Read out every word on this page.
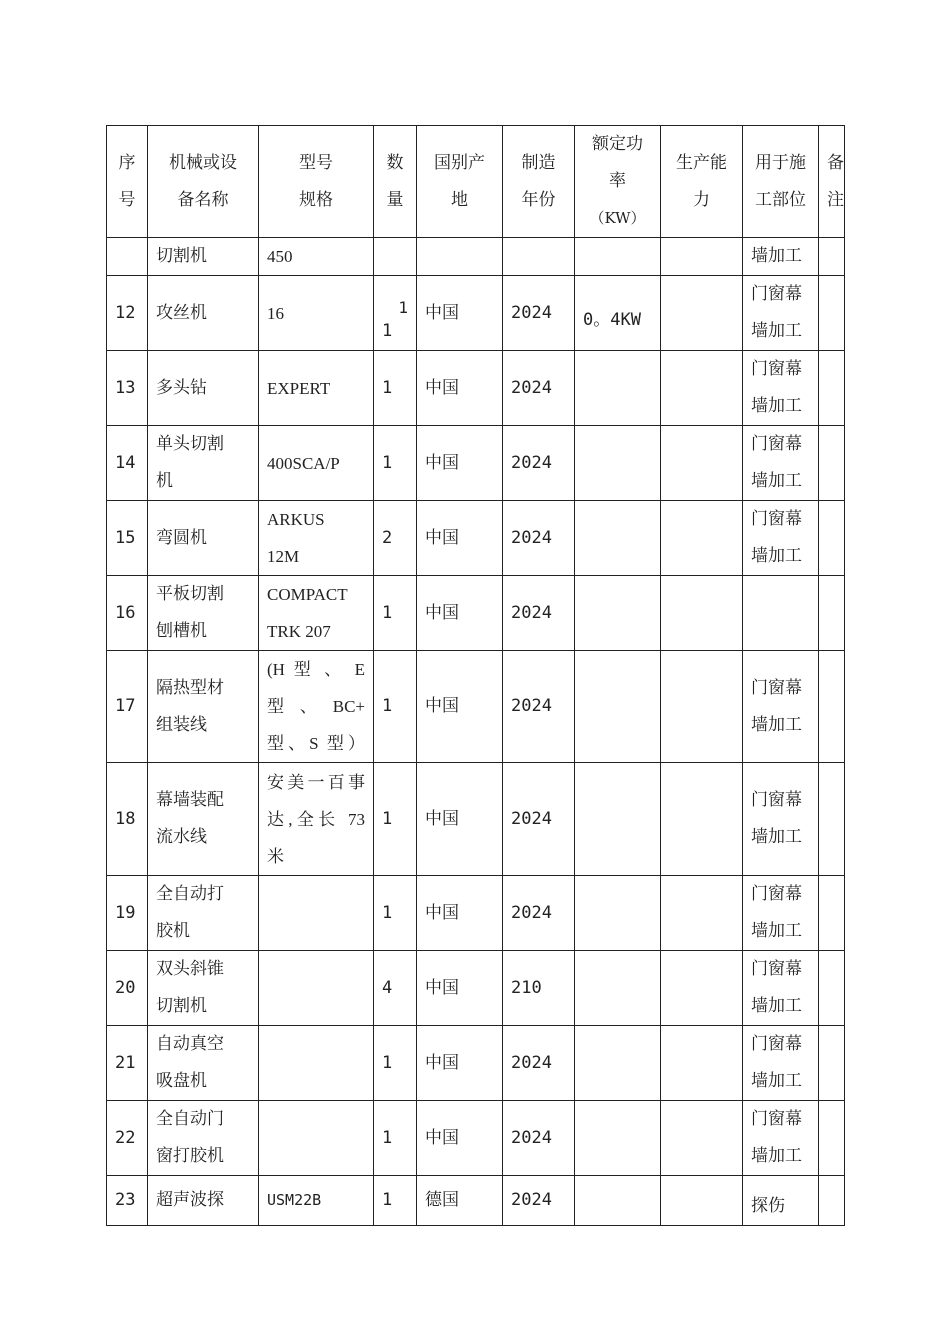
序
号	机械或设
备名称	型号
规格	数
量	国别产
地	制造
年份	额定功
率
（KW）	生产能
力	用于施
工部位	备
注
	切割机	450						墙加工	
12	攻丝机	16	1
1	中国	2024	0。4KW		门窗幕
墙加工	
13	多头钻	EXPERT	1	中国	2024			门窗幕
墙加工	
14	单头切割
机	400SCA/P	1	中国	2024			门窗幕
墙加工	
15	弯圆机	ARKUS
12M	2	中国	2024			门窗幕
墙加工	
16	平板切割
刨槽机	COMPACT
TRK 207	1	中国	2024				
17	隔热型材
组装线	(H 型 、 E
型 、 BC+
型、S 型）	1	中国	2024			门窗幕
墙加工	
18	幕墙装配
流水线	安美一百事
达,全长 73
米	1	中国	2024			门窗幕
墙加工	
19	全自动打
胶机		1	中国	2024			门窗幕
墙加工	
20	双头斜锥
切割机		4	中国	210			门窗幕
墙加工	
21	自动真空
吸盘机		1	中国	2024			门窗幕
墙加工	
22	全自动门
窗打胶机		1	中国	2024			门窗幕
墙加工	
23	超声波探	USM22B	1	德国	2024			探伤	
